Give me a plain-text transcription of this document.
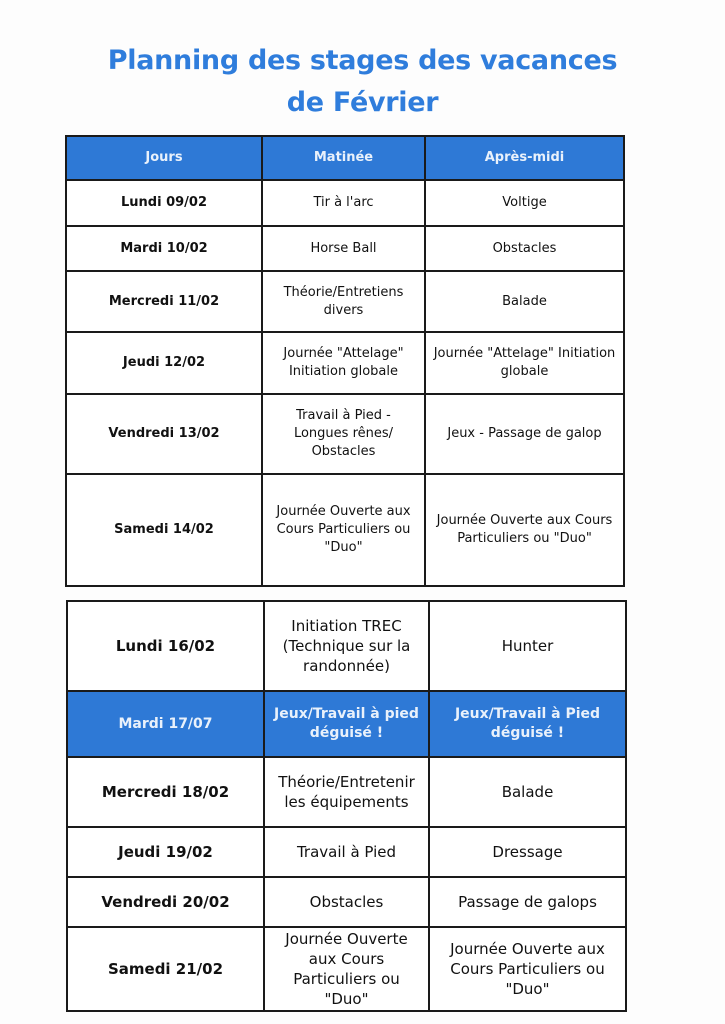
Planning des stages des vacances
de Février
Jours	Matinée	Après-midi
Lundi 09/02	Tir à l'arc	Voltige
Mardi 10/02	Horse Ball	Obstacles
Mercredi 11/02	Théorie/Entretiens divers	Balade
Jeudi 12/02	Journée "Attelage" Initiation globale	Journée "Attelage" Initiation globale
Vendredi 13/02	Travail à Pied - Longues rênes/ Obstacles	Jeux - Passage de galop
Samedi 14/02	Journée Ouverte aux Cours Particuliers ou "Duo"	Journée Ouverte aux Cours Particuliers ou "Duo"
Lundi 16/02	Initiation TREC (Technique sur la randonnée)	Hunter
Mardi 17/07	Jeux/Travail à pied déguisé !	Jeux/Travail à Pied déguisé !
Mercredi 18/02	Théorie/Entretenir les équipements	Balade
Jeudi 19/02	Travail à Pied	Dressage
Vendredi 20/02	Obstacles	Passage de galops
Samedi 21/02	Journée Ouverte aux Cours Particuliers ou "Duo"	Journée Ouverte aux Cours Particuliers ou "Duo"
